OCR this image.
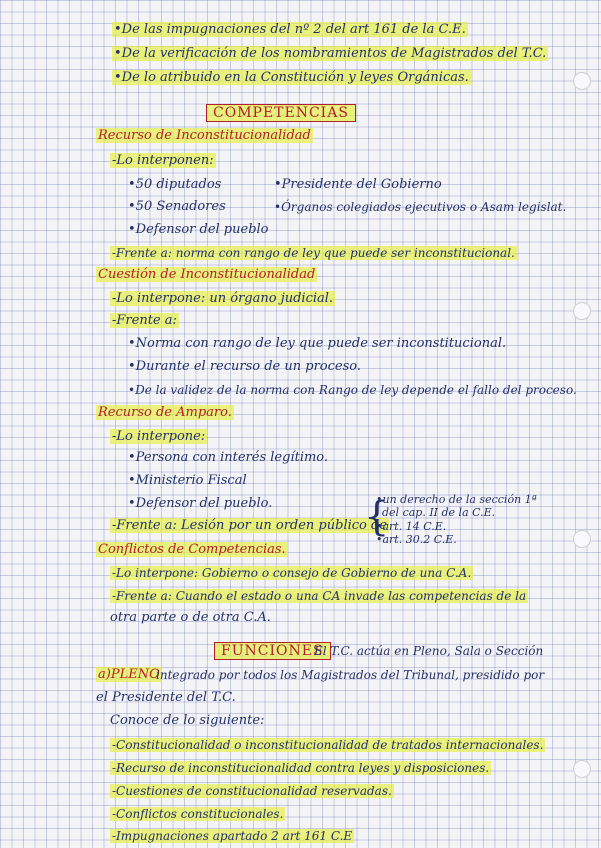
•De las impugnaciones del nº 2 del art 161 de la C.E.
•De la verificación de los nombramientos de Magistrados del T.C.
•De lo atribuido en la Constitución y leyes Orgánicas.
COMPETENCIAS
Recurso de Inconstitucionalidad
-Lo interponen:
•50 diputados
•50 Senadores
•Defensor del pueblo
•Presidente del Gobierno
•Órganos colegiados ejecutivos o Asam legislat.
-Frente a: norma con rango de ley que puede ser inconstitucional.
Cuestión de Inconstitucionalidad
-Lo interpone: un órgano judicial.
-Frente a:
•Norma con rango de ley que puede ser inconstitucional.
•Durante el recurso de un proceso.
•De la validez de la norma con Rango de ley depende el fallo del proceso.
Recurso de Amparo.
-Lo interpone:
•Persona con interés legítimo.
•Ministerio Fiscal
•Defensor del pueblo.
-Frente a: Lesión por un orden público de
{
•un derecho de la sección 1ª
del cap. II de la C.E.
•art. 14 C.E.
•art. 30.2 C.E.
Conflictos de Competencias.
-Lo interpone: Gobierno o consejo de Gobierno de una C.A.
-Frente a: Cuando el estado o una CA invade las competencias de la
otra parte o de otra C.A.
FUNCIONES
El T.C. actúa en Pleno, Sala o Sección
a)PLENO
integrado por todos los Magistrados del Tribunal, presidido por
el Presidente del T.C.
Conoce de lo siguiente:
-Constitucionalidad o inconstitucionalidad de tratados internacionales.
-Recurso de inconstitucionalidad contra leyes y disposiciones.
-Cuestiones de constitucionalidad reservadas.
-Conflictos constitucionales.
-Impugnaciones apartado 2 art 161 C.E
